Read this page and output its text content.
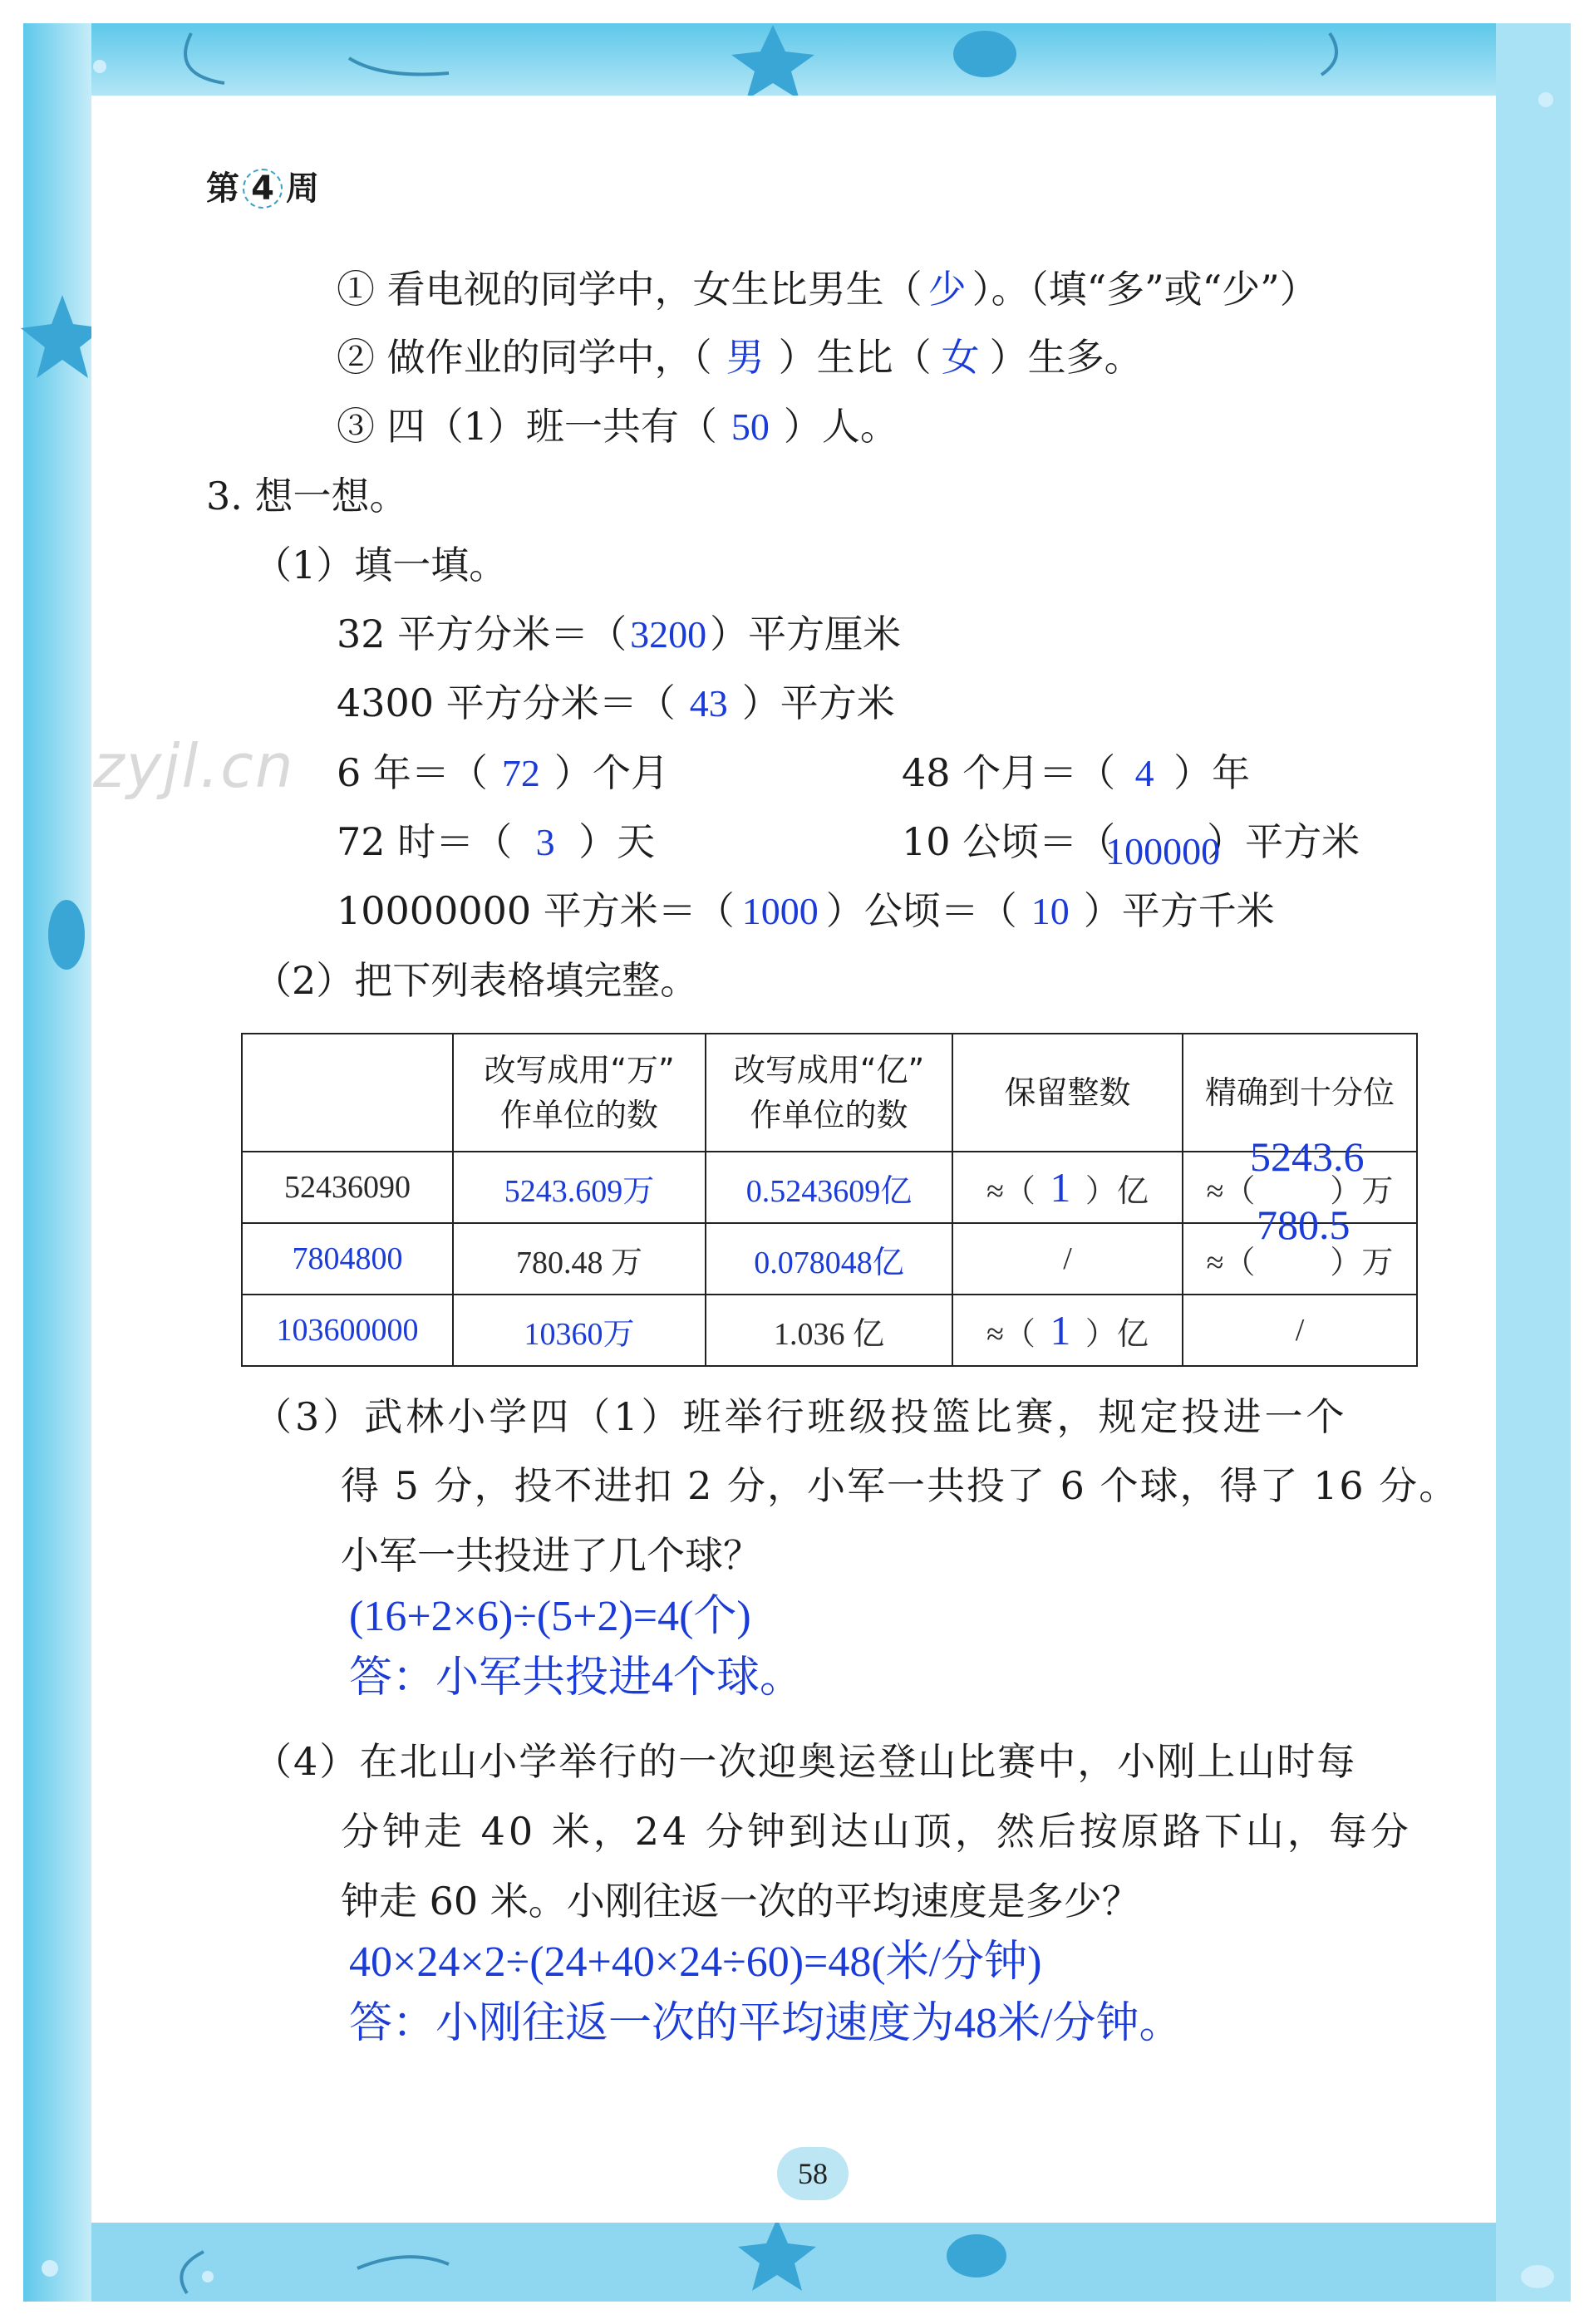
zyjl.cn
第 4 周
① 看电视的同学中，女生比男生（ 少 ）。（填“多”或“少”）
② 做作业的同学中，（ 男 ）生比（ 女 ）生多。
③ 四（1）班一共有（ 50 ）人。
3. 想一想。
（1）填一填。
32 平方分米＝（3200）平方厘米
4300 平方分米＝（ 43 ）平方米
6 年＝（ 72 ）个月	48 个月＝（ 4 ）年
72 时＝（ 3 ）天	10 公顷＝（
100000
）平方米
10000000 平方米＝（ 1000 ）公顷＝（ 10 ）平方千米
（2）把下列表格填完整。
	改写成用“万”
作单位的数	改写成用“亿”
作单位的数	保留整数	精确到十分位
52436090	5243.609万	0.5243609亿	≈（ 1 ）亿	≈（ ）万
5243.6

7804800	780.48 万	0.078048亿	/	≈（ ）万
780.5

103600000	10360万	1.036 亿	≈（ 1 ）亿	/
（3）武林小学四（1）班举行班级投篮比赛，规定投进一个
得 5 分，投不进扣 2 分，小军一共投了 6 个球，得了 16 分。
小军一共投进了几个球？
(16+2×6)÷(5+2)=4(个)
答：小军共投进4个球。
（4）在北山小学举行的一次迎奥运登山比赛中，小刚上山时每
分钟走 40 米，24 分钟到达山顶，然后按原路下山，每分
钟走 60 米。小刚往返一次的平均速度是多少？
40×24×2÷(24+40×24÷60)=48(米/分钟)
答：小刚往返一次的平均速度为48米/分钟。
58
